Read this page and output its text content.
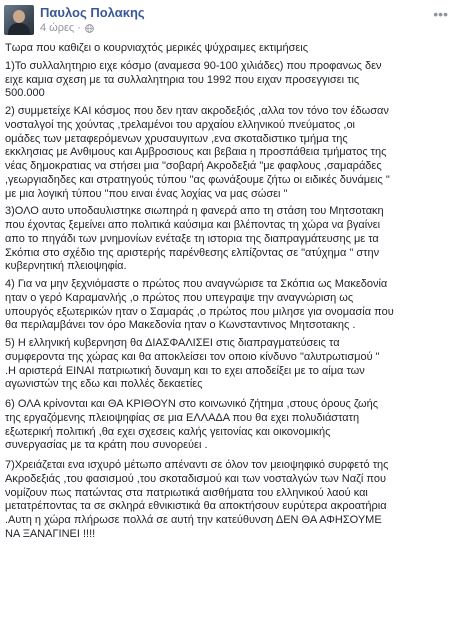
Παυλος Πολακης
4 ώρες ·
•••

Τωρα που καθιζει ο κουρνιαχτός μερικές ψύχραιμες εκτιμήσεις

1)Το συλλαλητηριο ειχε κόσμο (αναμεσα 90-100 χιλιάδες) που προφανως δεν
ειχε καμια σχεση με τα συλλαλητηρια του 1992 που ειχαν προσεγγισει τις
500.000

2) συμμετείχε ΚΑΙ κόσμος που δεν ηταν ακροδεξιός ,αλλα τον τόνο τον έδωσαν
νοσταλγοί της χούντας ,τρελαμένοι του αρχαίου ελληνικού πνεύματος ,οι
ομάδες των μεταφερόμενων χρυσαυγιτων ,ενα σκοταδιστικο τμήμα της
εκκλησιας με Ανθιμους και Αμβροσιους και βεβαια η προσπάθεια τμήματος της
νέας δημοκρατιας να στήσει μια "σοβαρή Ακροδεξιά "με φαφλους ,σαμαράδες
,γεωργιαδηδες και στρατηγούς τύπου "ας φωνάξουμε ζήτω οι ειδικές δυνάμεις "
με μια λογική τύπου "που ειναι ένας λοχίας να μας σώσει "

3)ΟΛΟ αυτο υποδαυλιστηκε σιωπηρά η φανερά απο τη στάση του Μητσοτακη
που έχοντας ξεμείνει απο πολιτικά καύσιμα και βλέποντας τη χώρα να βγαίνει
απο το πηγάδι των μνημονίων ενέταξε τη ιστορια της διαπραγμάτευσης με τα
Σκόπια στο σχέδιο της αριστερής παρένθεσης ελπίζοντας σε "ατύχημα " στην
κυβερνητική πλειοψηφία.

4) Για να μην ξεχνιόμαστε ο πρώτος που αναγνώρισε τα Σκόπια ως Μακεδονία
ηταν ο γερό Καραμανλής ,ο πρώτος που υπεγραψε την αναγνώριση ως
υπουργός εξωτερικών ηταν ο Σαμαράς ,ο πρώτος που μιλησε για ονομασία που
θα περιλαμβάνει τον όρο Μακεδονία ηταν ο Κωνσταντινος Μητσοτακης .

5) Η ελληνική κυβερνηση θα ΔΙΑΣΦΑΛΙΣΕΙ στις διαπραγματεύσεις τα
συμφεροντα της χώρας και θα αποκλείσει τον οποιο κίνδυνο "αλυτρωτισμού "
.Η αριστερά ΕΙΝΑΙ πατριωτική δυναμη και το εχει αποδείξει με το αίμα των
αγωνιστών της εδω και πολλές δεκαετίες

6) ΟΛΑ κρίνονται και ΘΑ ΚΡΙΘΟΥΝ στο κοινωνικό ζήτημα ,στους όρους ζωής
της εργαζόμενης πλειοψηφίας σε μια ΕΛΛΑΔΑ που θα εχει πολυδιάστατη
εξωτερική πολιτική ,θα εχει σχεσεις καλής γειτονίας και οικονομικής
συνεργασίας με τα κράτη που συνορεύει .

7)Χρειάζεται ενα ισχυρό μέτωπο απέναντι σε όλον τον μειοψηφικό συρφετό της
Ακροδεξιάς ,του φασισμού ,του σκοταδισμού και των νοσταλγών των Ναζί που
νομίζουν πως πατώντας στα πατριωτικά αισθήματα του ελληνικού λαού και
μετατρέποντας τα σε σκληρά εθνικιστικά θα αποκτήσουν ευρύτερα ακροατήρια
.Αυτη η χώρα πλήρωσε πολλά σε αυτή την κατεύθυνση ΔΕΝ ΘΑ ΑΦΗΣΟΥΜΕ
ΝΑ ΞΑΝΑΓΙΝΕΙ !!!!
